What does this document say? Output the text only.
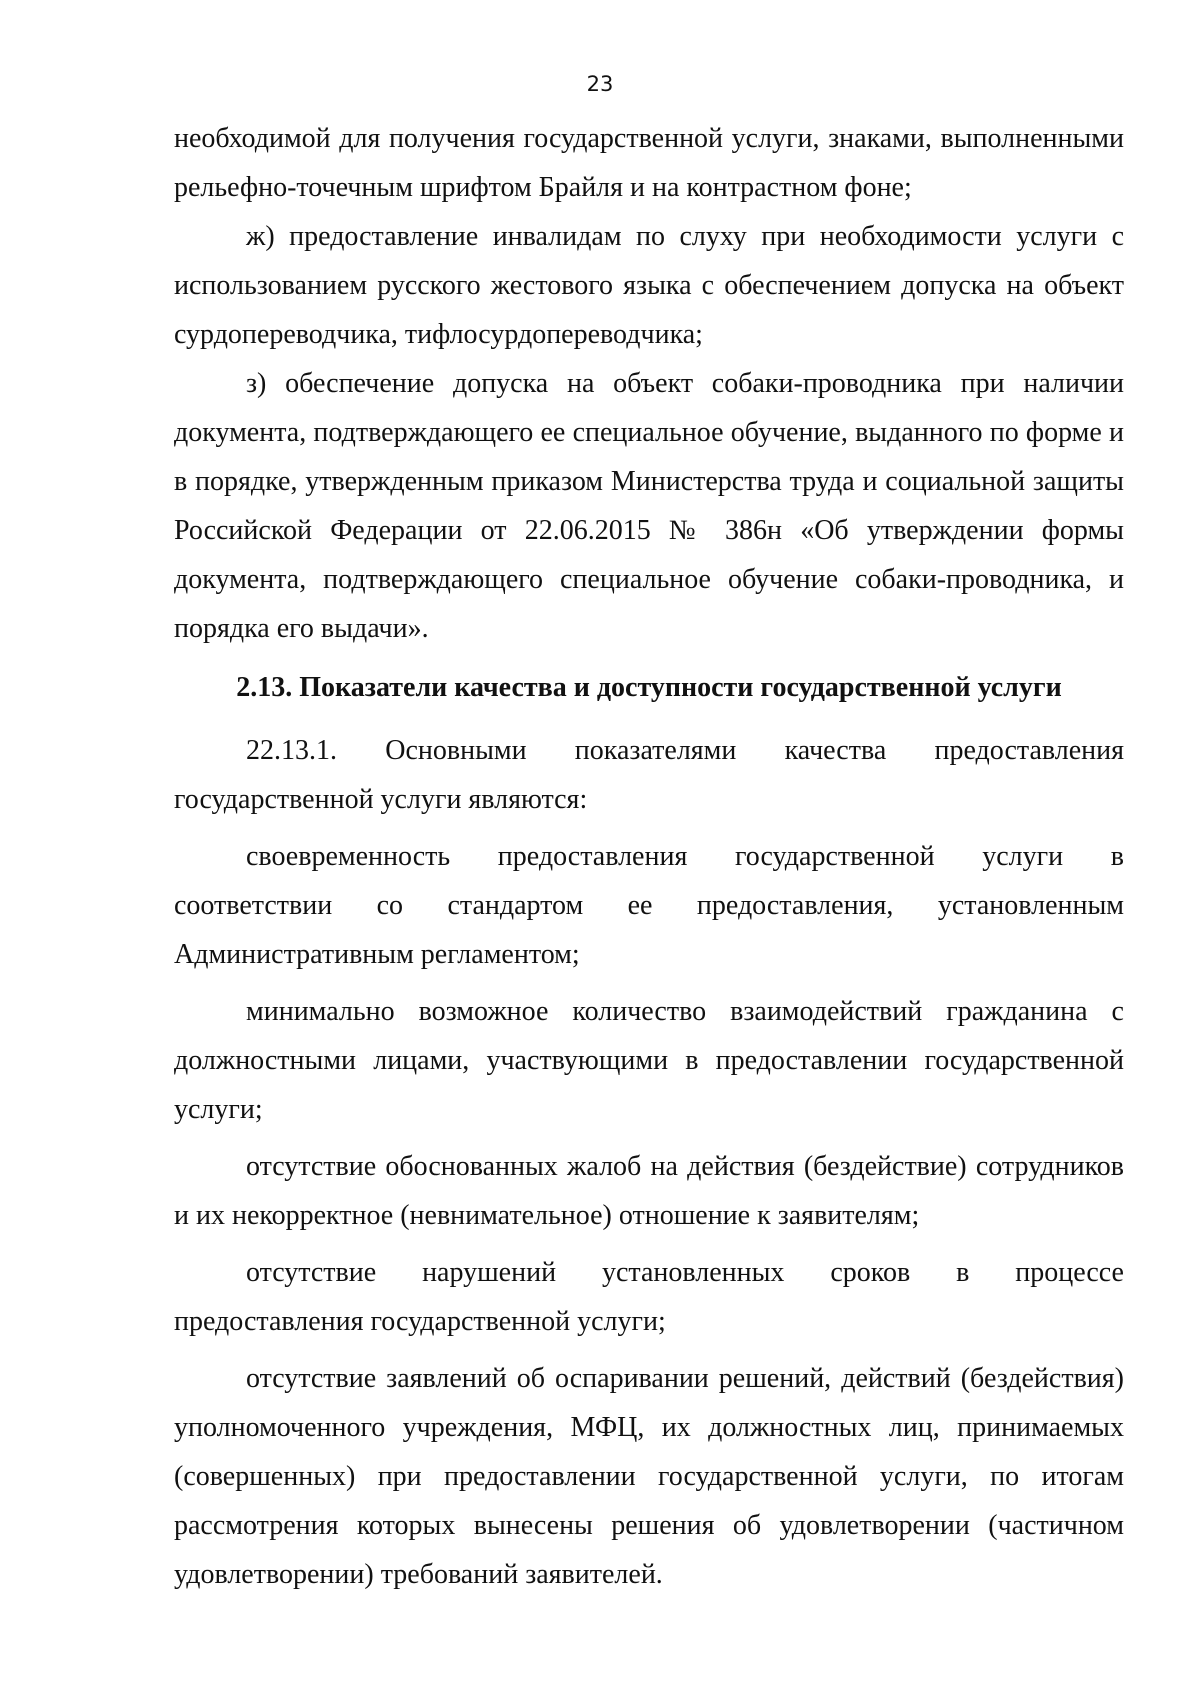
23

необходимой для получения государственной услуги, знаками, выполненными рельефно-точечным шрифтом Брайля и на контрастном фоне;

ж) предоставление инвалидам по слуху при необходимости услуги с использованием русского жестового языка с обеспечением допуска на объект сурдопереводчика, тифлосурдопереводчика;

з) обеспечение допуска на объект собаки-проводника при наличии документа, подтверждающего ее специальное обучение, выданного по форме и в порядке, утвержденным приказом Министерства труда и социальной защиты Российской Федерации от 22.06.2015 № 386н «Об утверждении формы документа, подтверждающего специальное обучение собаки-проводника, и порядка его выдачи».

2.13. Показатели качества и доступности государственной услуги

22.13.1. Основными показателями качества предоставления государственной услуги являются:

своевременность предоставления государственной услуги в соответствии со стандартом ее предоставления, установленным Административным регламентом;

минимально возможное количество взаимодействий гражданина с должностными лицами, участвующими в предоставлении государственной услуги;

отсутствие обоснованных жалоб на действия (бездействие) сотрудников и их некорректное (невнимательное) отношение к заявителям;

отсутствие нарушений установленных сроков в процессе предоставления государственной услуги;

отсутствие заявлений об оспаривании решений, действий (бездействия) уполномоченного учреждения, МФЦ, их должностных лиц, принимаемых (совершенных) при предоставлении государственной услуги, по итогам рассмотрения которых вынесены решения об удовлетворении (частичном удовлетворении) требований заявителей.
